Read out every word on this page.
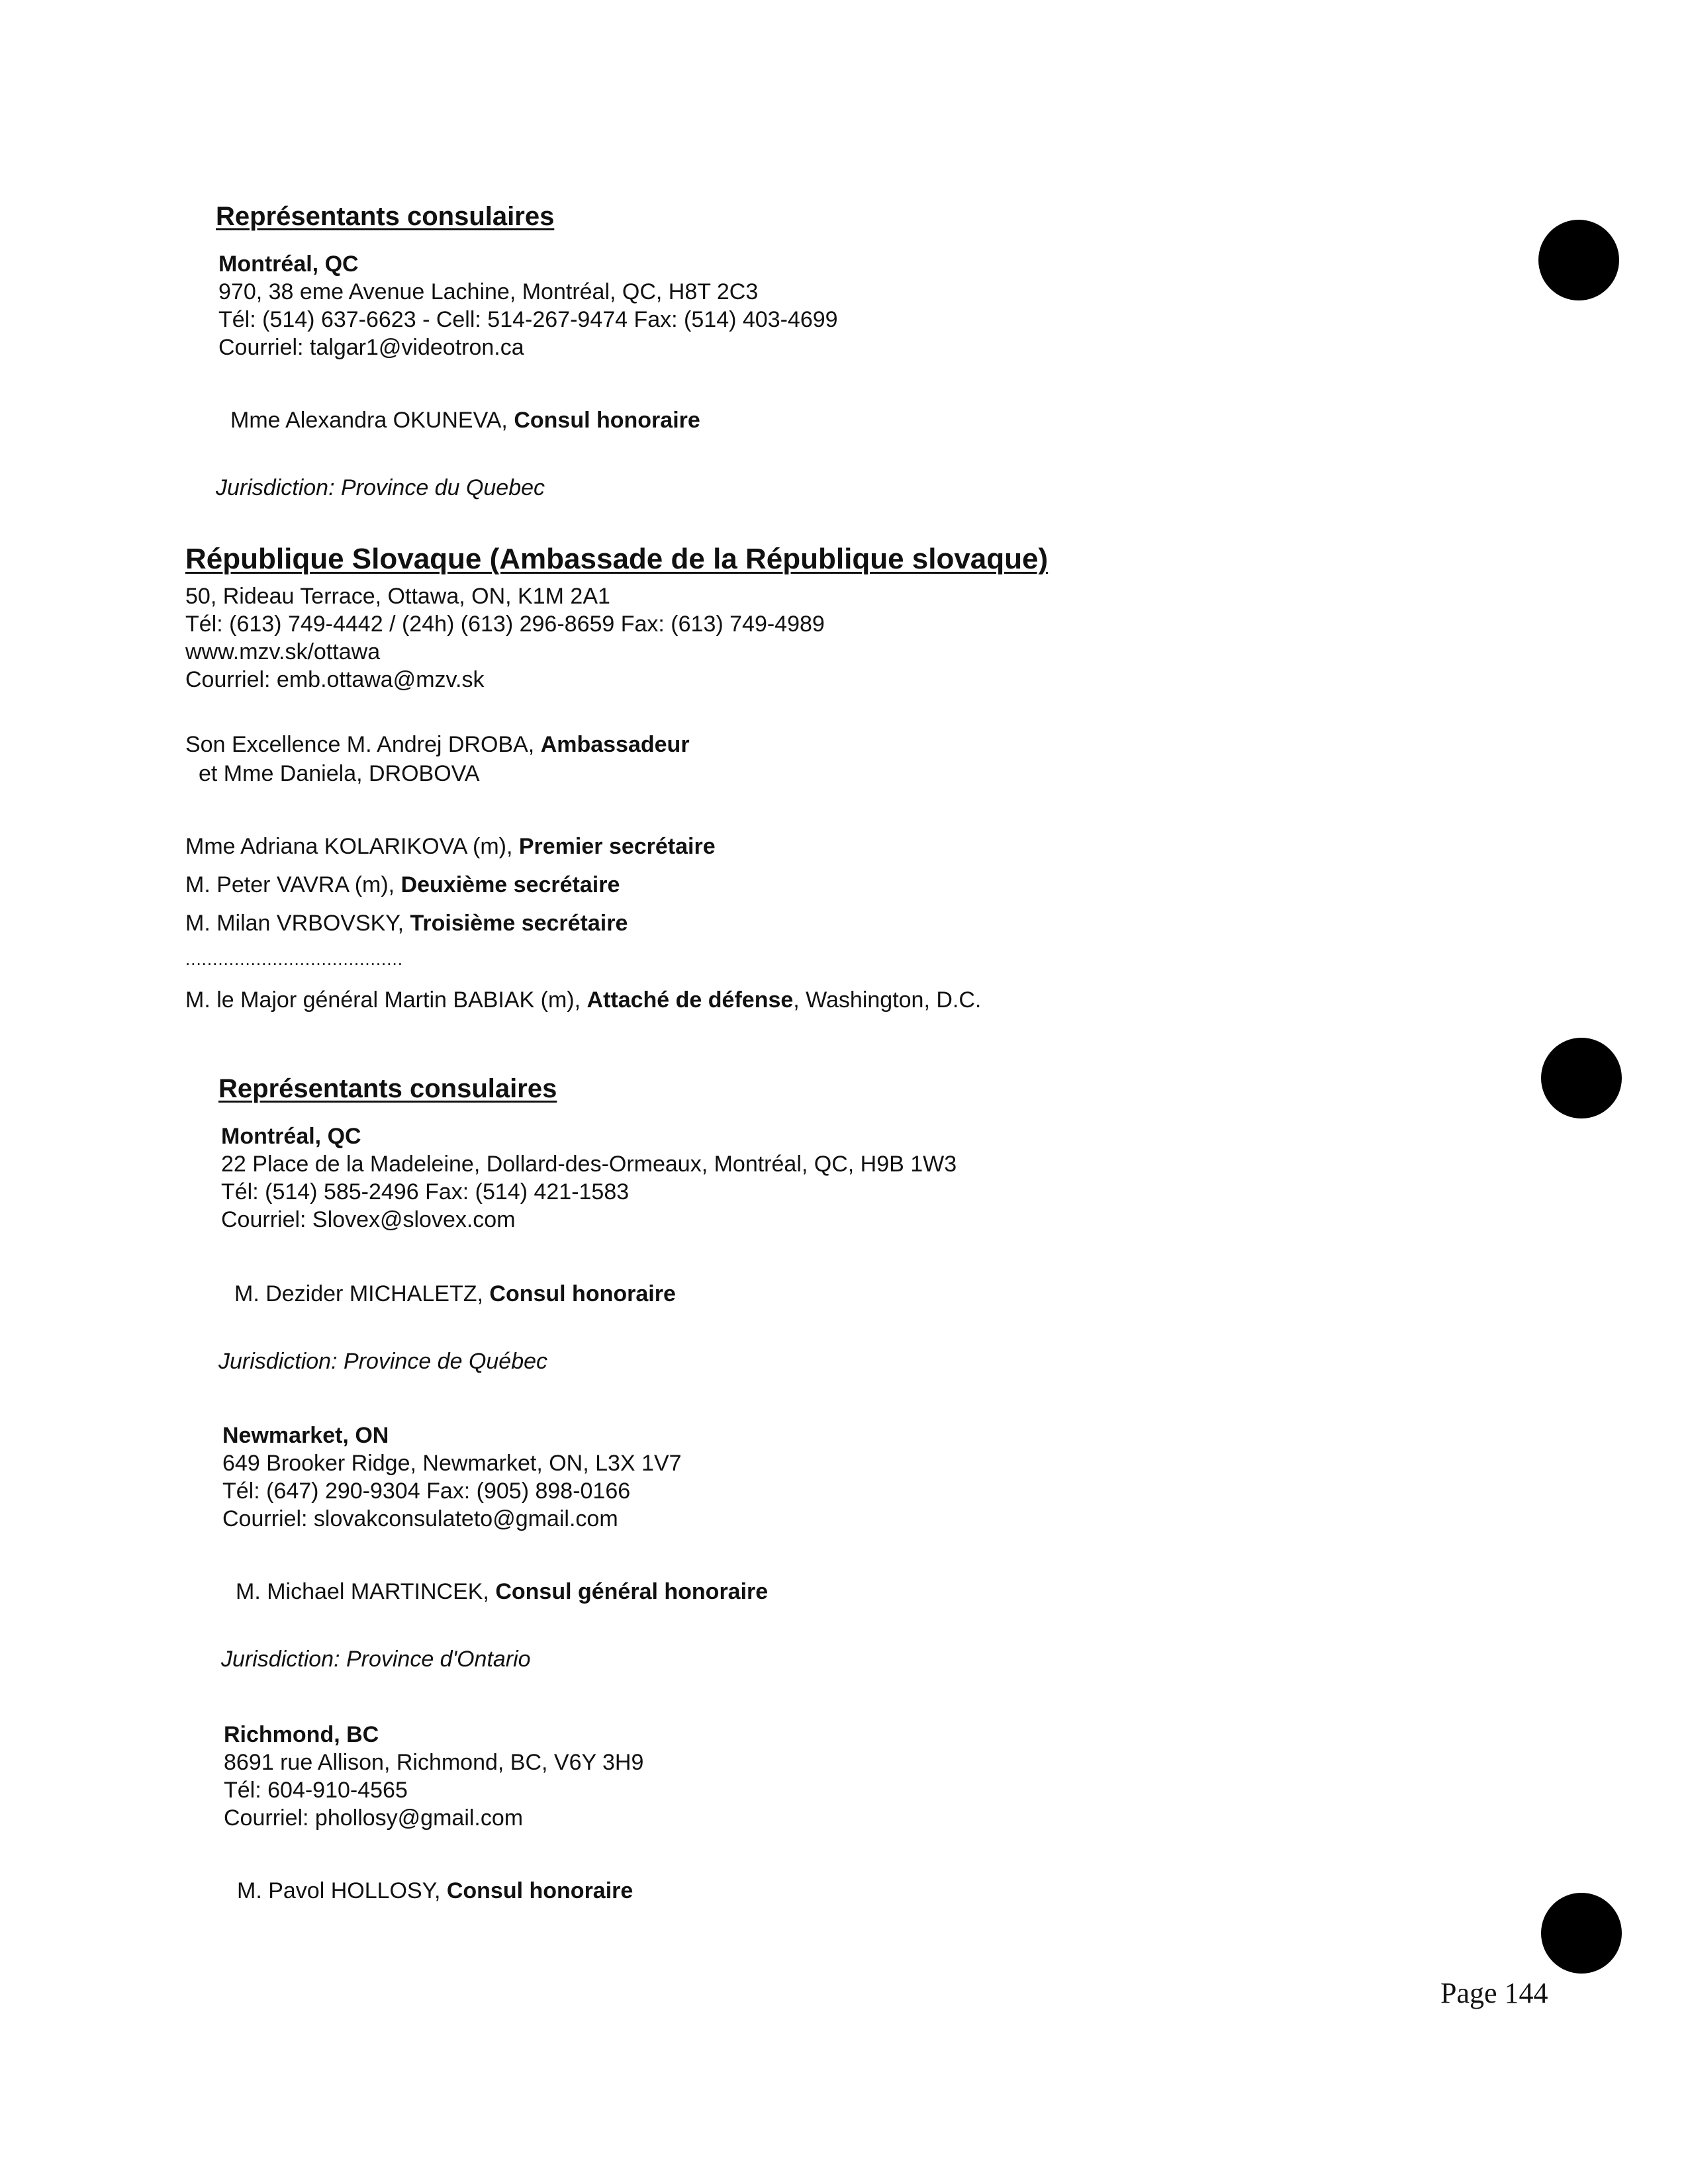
Représentants consulaires
Montréal, QC
970, 38 eme Avenue Lachine, Montréal, QC, H8T 2C3
Tél: (514) 637-6623 - Cell: 514-267-9474 Fax: (514) 403-4699
Courriel: talgar1@videotron.ca
Mme Alexandra OKUNEVA, Consul honoraire
Jurisdiction: Province du Quebec
République Slovaque (Ambassade de la République slovaque)
50, Rideau Terrace, Ottawa, ON, K1M 2A1
Tél: (613) 749-4442 / (24h) (613) 296-8659 Fax: (613) 749-4989
www.mzv.sk/ottawa
Courriel: emb.ottawa@mzv.sk
Son Excellence M. Andrej DROBA, Ambassadeur
et Mme Daniela, DROBOVA
Mme Adriana KOLARIKOVA (m), Premier secrétaire
M. Peter VAVRA (m), Deuxième secrétaire
M. Milan VRBOVSKY, Troisième secrétaire
........................................
M. le Major général Martin BABIAK (m), Attaché de défense, Washington, D.C.
Représentants consulaires
Montréal, QC
22 Place de la Madeleine, Dollard-des-Ormeaux, Montréal, QC, H9B 1W3
Tél: (514) 585-2496 Fax: (514) 421-1583
Courriel: Slovex@slovex.com
M. Dezider MICHALETZ, Consul honoraire
Jurisdiction: Province de Québec
Newmarket, ON
649 Brooker Ridge, Newmarket, ON, L3X 1V7
Tél: (647) 290-9304 Fax: (905) 898-0166
Courriel: slovakconsulateto@gmail.com
M. Michael MARTINCEK, Consul général honoraire
Jurisdiction: Province d'Ontario
Richmond, BC
8691 rue Allison, Richmond, BC, V6Y 3H9
Tél: 604-910-4565
Courriel: phollosy@gmail.com
M. Pavol HOLLOSY, Consul honoraire
Page 144
